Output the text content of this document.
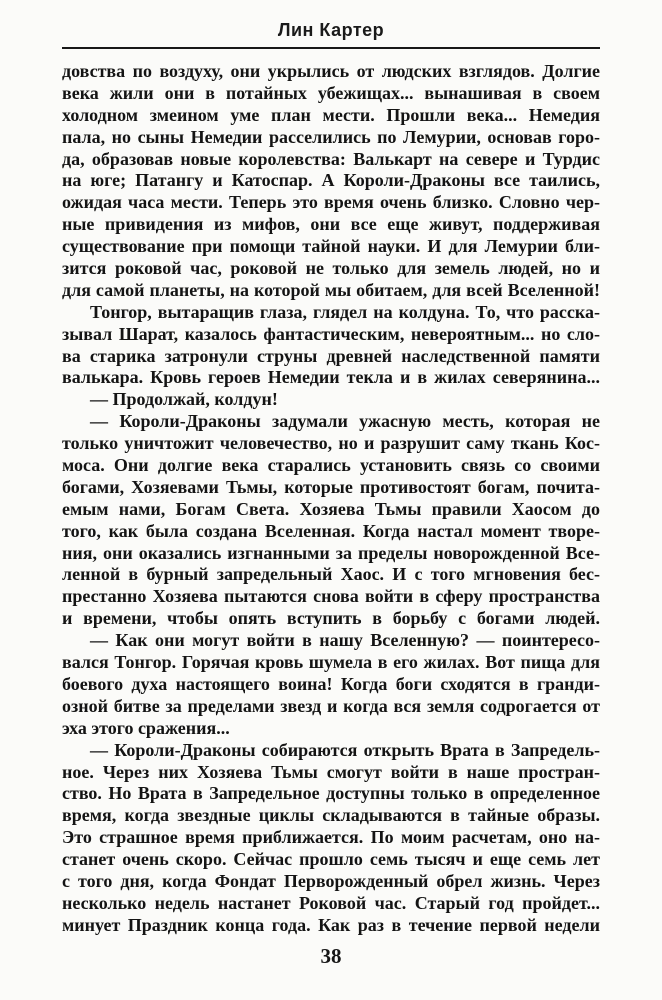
Лин Картер
довства по воздуху, они укрылись от людских взглядов. Долгие
века жили они в потайных убежищах... вынашивая в своем
холодном змеином уме план мести. Прошли века... Немедия
пала, но сыны Немедии расселились по Лемурии, основав горо-
да, образовав новые королевства: Валькарт на севере и Турдис
на юге; Патангу и Катоспар. А Короли-Драконы все таились,
ожидая часа мести. Теперь это время очень близко. Словно чер-
ные привидения из мифов, они все еще живут, поддерживая
существование при помощи тайной науки. И для Лемурии бли-
зится роковой час, роковой не только для земель людей, но и
для самой планеты, на которой мы обитаем, для всей Вселенной!
Тонгор, вытаращив глаза, глядел на колдуна. То, что расска-
зывал Шарат, казалось фантастическим, невероятным... но сло-
ва старика затронули струны древней наследственной памяти
валькара. Кровь героев Немедии текла и в жилах северянина...
— Продолжай, колдун!
— Короли-Драконы задумали ужасную месть, которая не
только уничтожит человечество, но и разрушит саму ткань Кос-
моса. Они долгие века старались установить связь со своими
богами, Хозяевами Тьмы, которые противостоят богам, почита-
емым нами, Богам Света. Хозяева Тьмы правили Хаосом до
того, как была создана Вселенная. Когда настал момент творе-
ния, они оказались изгнанными за пределы новорожденной Все-
ленной в бурный запредельный Хаос. И с того мгновения бес-
престанно Хозяева пытаются снова войти в сферу пространства
и времени, чтобы опять вступить в борьбу с богами людей.
— Как они могут войти в нашу Вселенную? — поинтересо-
вался Тонгор. Горячая кровь шумела в его жилах. Вот пища для
боевого духа настоящего воина! Когда боги сходятся в гранди-
озной битве за пределами звезд и когда вся земля содрогается от
эха этого сражения...
— Короли-Драконы собираются открыть Врата в Запредель-
ное. Через них Хозяева Тьмы смогут войти в наше простран-
ство. Но Врата в Запредельное доступны только в определенное
время, когда звездные циклы складываются в тайные образы.
Это страшное время приближается. По моим расчетам, оно на-
станет очень скоро. Сейчас прошло семь тысяч и еще семь лет
с того дня, когда Фондат Перворожденный обрел жизнь. Через
несколько недель настанет Роковой час. Старый год пройдет...
минует Праздник конца года. Как раз в течение первой недели
38
